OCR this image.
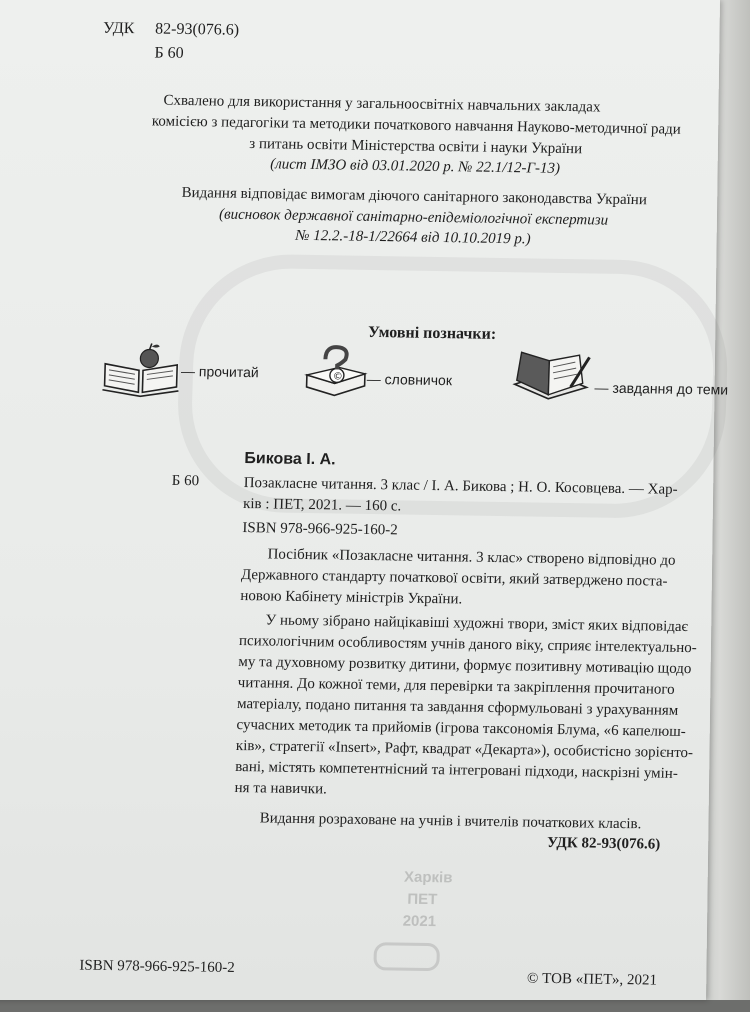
УДК 82-93(076.6)
Б 60
Схвалено для використання у загальноосвітніх навчальних закладах
комісією з педагогіки та методики початкового навчання Науково-методичної ради
з питань освіти Міністерства освіти і науки України
(лист ІМЗО від 03.01.2020 р. № 22.1/12-Г-13)
Видання відповідає вимогам діючого санітарного законодавства України
(висновок державної санітарно-епідеміологічної експертизи
№ 12.2.-18-1/22664 від 10.10.2019 р.)
Умовні позначки:
— прочитай	© — словничок	— завдання до теми
Бикова І. А.
Б 60	Позакласне читання. 3 клас / І. А. Бикова ; Н. О. Косовцева. — Хар-
ків : ПЕТ, 2021. — 160 с.
ISBN 978-966-925-160-2
Посібник «Позакласне читання. 3 клас» створено відповідно до
Державного стандарту початкової освіти, який затверджено поста-
новою Кабінету міністрів України.
У ньому зібрано найцікавіші художні твори, зміст яких відповідає
психологічним особливостям учнів даного віку, сприяє інтелектуально-
му та духовному розвитку дитини, формує позитивну мотивацію щодо
читання. До кожної теми, для перевірки та закріплення прочитаного
матеріалу, подано питання та завдання сформульовані з урахуванням
сучасних методик та прийомів (ігрова таксономія Блума, «6 капелюш-
ків», стратегії «Insert», Рафт, квадрат «Декарта»), особистісно зорієнто-
вані, містять компетентнісний та інтегровані підходи, наскрізні умін-
ня та навички.
Видання розраховане на учнів і вчителів початкових класів.
УДК 82-93(076.6)
Харків
ПЕТ
2021
ISBN 978-966-925-160-2
© ТОВ «ПЕТ», 2021
